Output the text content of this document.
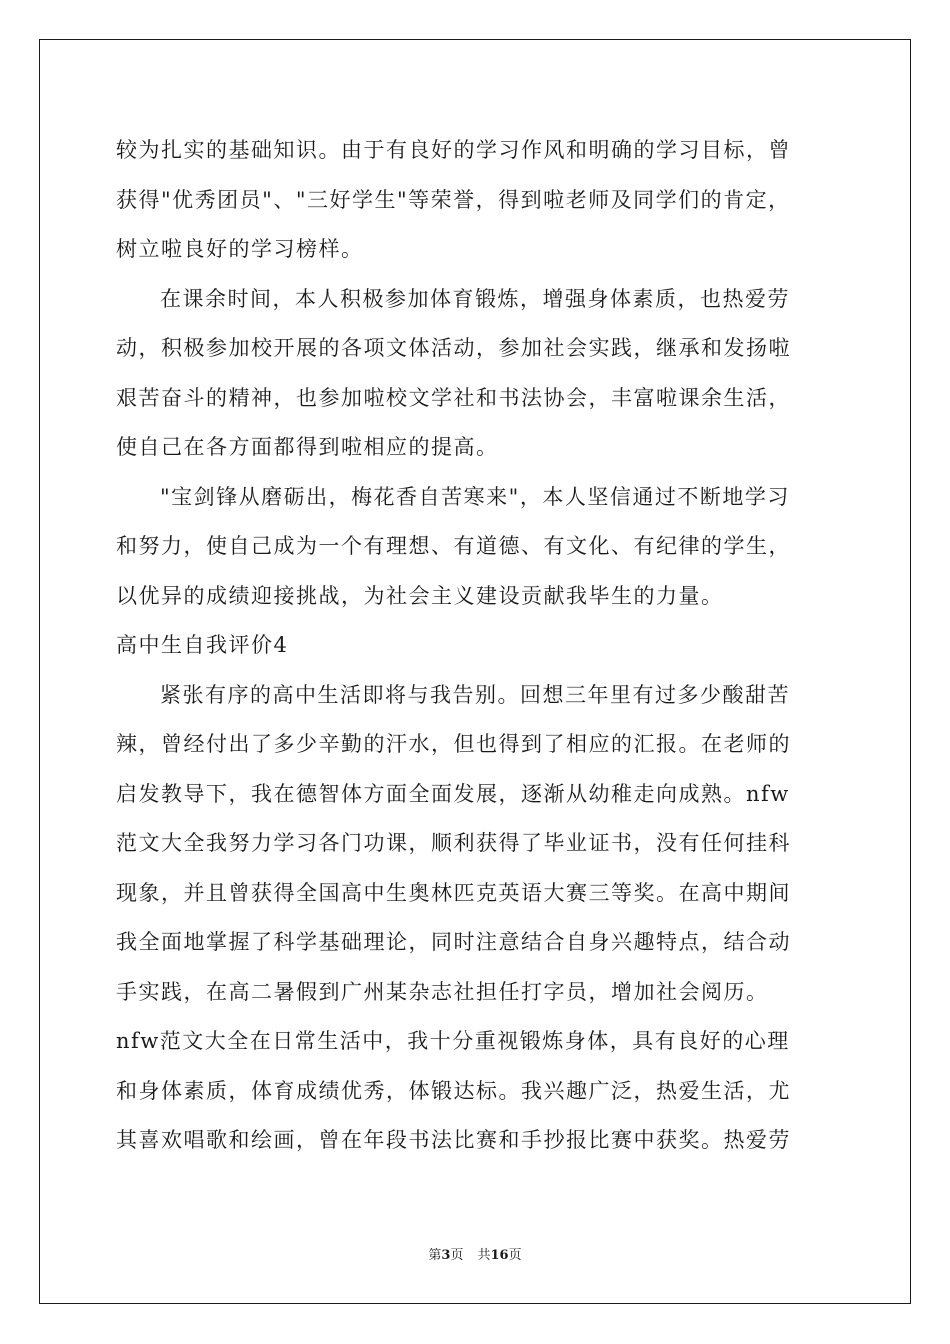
较为扎实的基础知识。由于有良好的学习作风和明确的学习目标，曾
获得"优秀团员"、"三好学生"等荣誉，得到啦老师及同学们的肯定，
树立啦良好的学习榜样。
在课余时间，本人积极参加体育锻炼，增强身体素质，也热爱劳
动，积极参加校开展的各项文体活动，参加社会实践，继承和发扬啦
艰苦奋斗的精神，也参加啦校文学社和书法协会，丰富啦课余生活，
使自己在各方面都得到啦相应的提高。
"宝剑锋从磨砺出，梅花香自苦寒来"，本人坚信通过不断地学习
和努力，使自己成为一个有理想、有道德、有文化、有纪律的学生，
以优异的成绩迎接挑战，为社会主义建设贡献我毕生的力量。
高中生自我评价4
紧张有序的高中生活即将与我告别。回想三年里有过多少酸甜苦
辣，曾经付出了多少辛勤的汗水，但也得到了相应的汇报。在老师的
启发教导下，我在德智体方面全面发展，逐渐从幼稚走向成熟。nfw
范文大全我努力学习各门功课，顺利获得了毕业证书，没有任何挂科
现象，并且曾获得全国高中生奥林匹克英语大赛三等奖。在高中期间
我全面地掌握了科学基础理论，同时注意结合自身兴趣特点，结合动
手实践，在高二暑假到广州某杂志社担任打字员，增加社会阅历。
nfw范文大全在日常生活中，我十分重视锻炼身体，具有良好的心理
和身体素质，体育成绩优秀，体锻达标。我兴趣广泛，热爱生活，尤
其喜欢唱歌和绘画，曾在年段书法比赛和手抄报比赛中获奖。热爱劳
第3页 共16页
